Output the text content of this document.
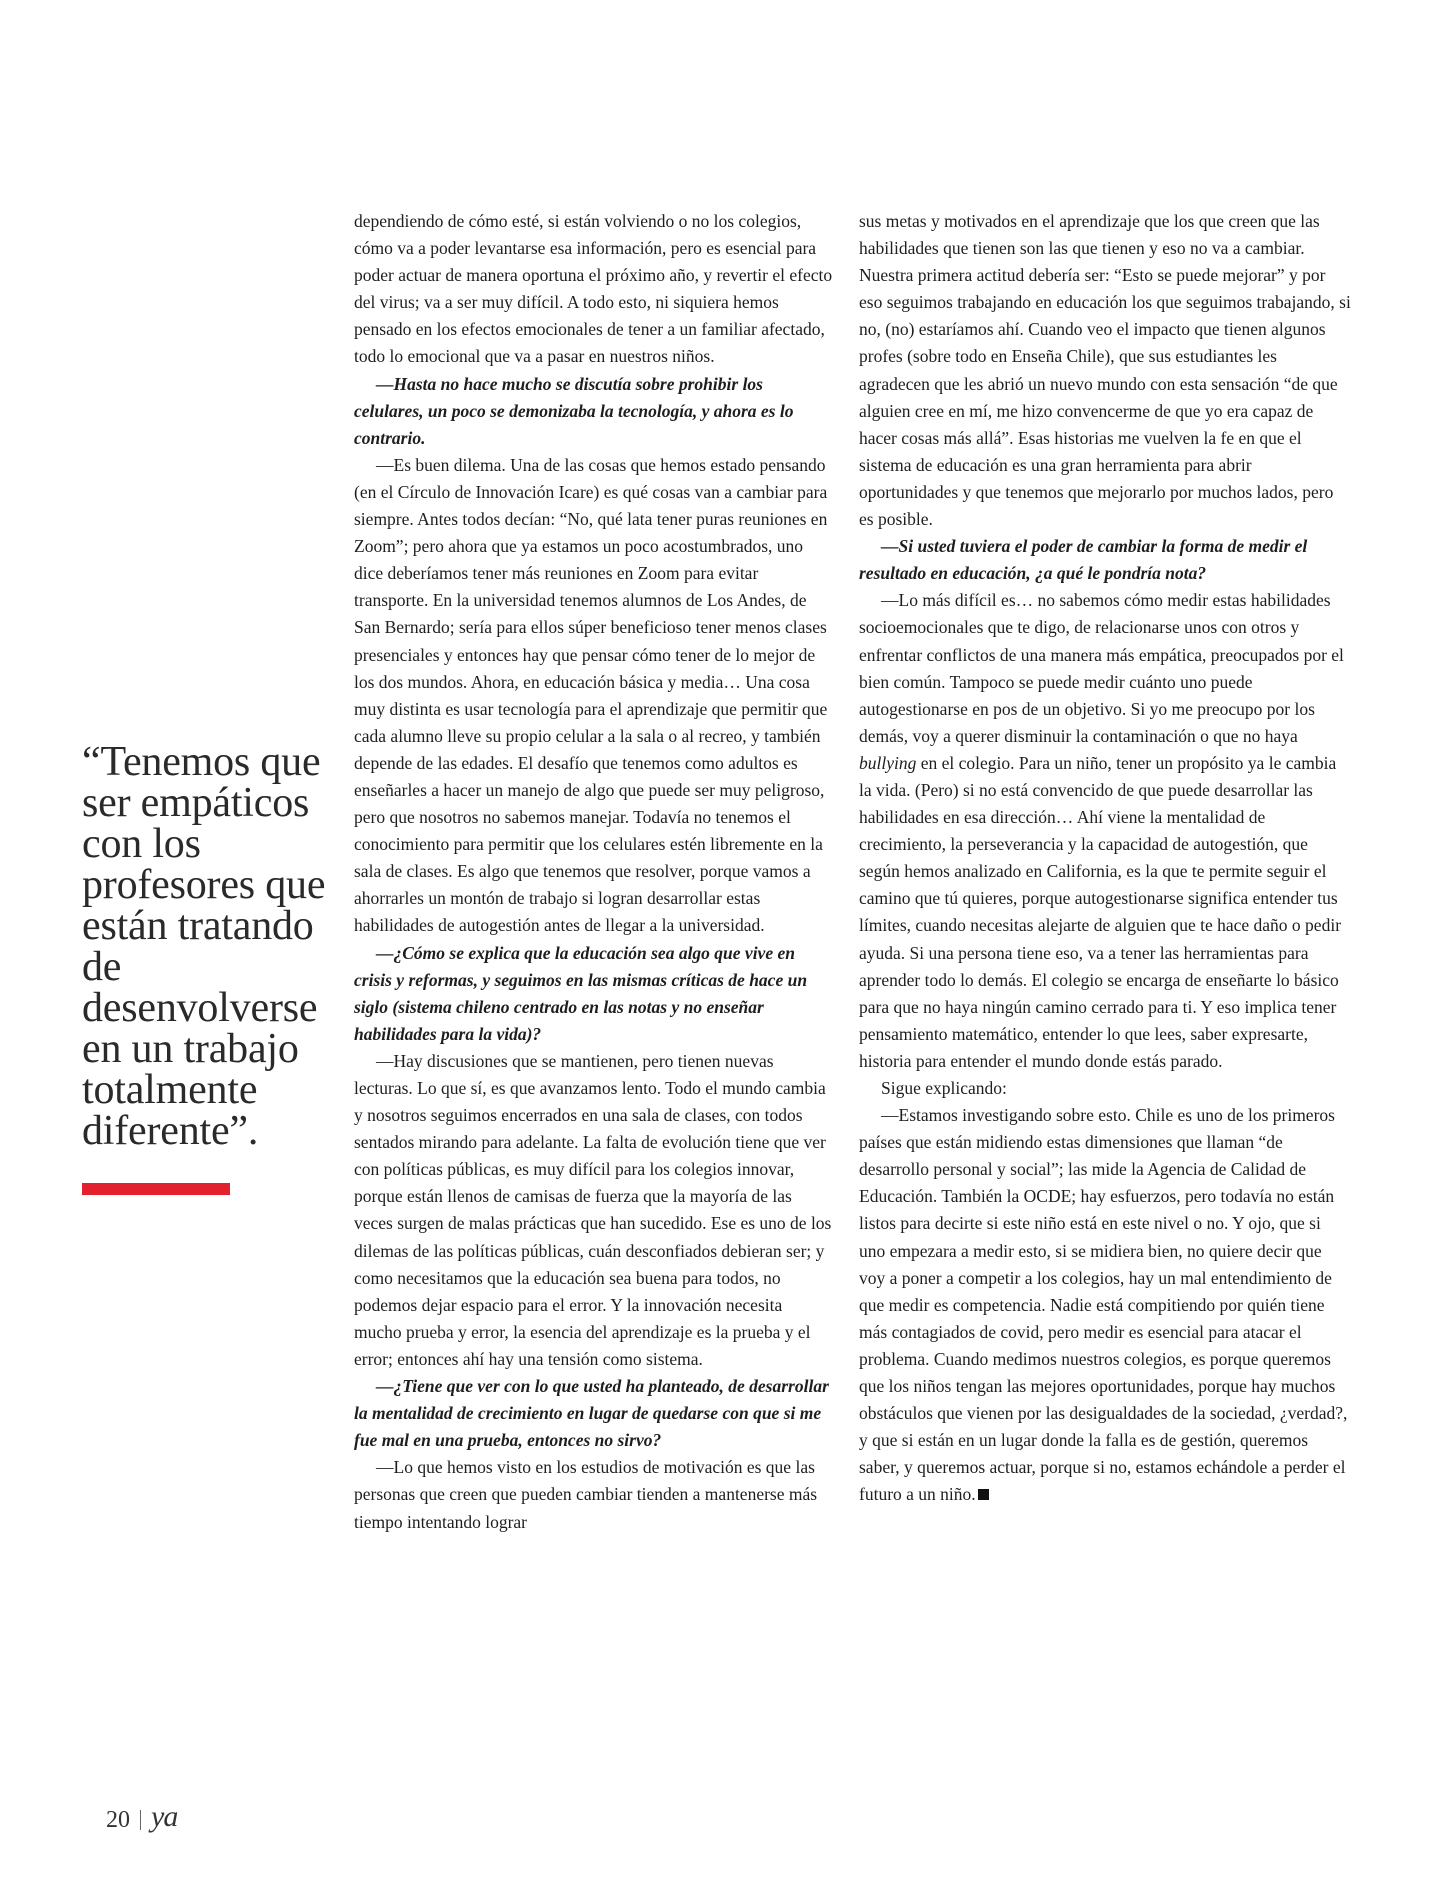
“Tenemos que ser empáticos con los profesores que están tratando de desenvolverse en un trabajo totalmente diferente”.

dependiendo de cómo esté, si están volviendo o no los colegios, cómo va a poder levantarse esa información, pero es esencial para poder actuar de manera oportuna el próximo año, y revertir el efecto del virus; va a ser muy difícil. A todo esto, ni siquiera hemos pensado en los efectos emocionales de tener a un familiar afectado, todo lo emocional que va a pasar en nuestros niños.

—Hasta no hace mucho se discutía sobre prohibir los celulares, un poco se demonizaba la tecnología, y ahora es lo contrario.

—Es buen dilema. Una de las cosas que hemos estado pensando (en el Círculo de Innovación Icare) es qué cosas van a cambiar para siempre. Antes todos decían: “No, qué lata tener puras reuniones en Zoom”; pero ahora que ya estamos un poco acostumbrados, uno dice deberíamos tener más reuniones en Zoom para evitar transporte. En la universidad tenemos alumnos de Los Andes, de San Bernardo; sería para ellos súper beneficioso tener menos clases presenciales y entonces hay que pensar cómo tener de lo mejor de los dos mundos. Ahora, en educación básica y media… Una cosa muy distinta es usar tecnología para el aprendizaje que permitir que cada alumno lleve su propio celular a la sala o al recreo, y también depende de las edades. El desafío que tenemos como adultos es enseñarles a hacer un manejo de algo que puede ser muy peligroso, pero que nosotros no sabemos manejar. Todavía no tenemos el conocimiento para permitir que los celulares estén libremente en la sala de clases. Es algo que tenemos que resolver, porque vamos a ahorrarles un montón de trabajo si logran desarrollar estas habilidades de autogestión antes de llegar a la universidad.

—¿Cómo se explica que la educación sea algo que vive en crisis y reformas, y seguimos en las mismas críticas de hace un siglo (sistema chileno centrado en las notas y no enseñar habilidades para la vida)?

—Hay discusiones que se mantienen, pero tienen nuevas lecturas. Lo que sí, es que avanzamos lento. Todo el mundo cambia y nosotros seguimos encerrados en una sala de clases, con todos sentados mirando para adelante. La falta de evolución tiene que ver con políticas públicas, es muy difícil para los colegios innovar, porque están llenos de camisas de fuerza que la mayoría de las veces surgen de malas prácticas que han sucedido. Ese es uno de los dilemas de las políticas públicas, cuán desconfiados debieran ser; y como necesitamos que la educación sea buena para todos, no podemos dejar espacio para el error. Y la innovación necesita mucho prueba y error, la esencia del aprendizaje es la prueba y el error; entonces ahí hay una tensión como sistema.

—¿Tiene que ver con lo que usted ha planteado, de desarrollar la mentalidad de crecimiento en lugar de quedarse con que si me fue mal en una prueba, entonces no sirvo?

—Lo que hemos visto en los estudios de motivación es que las personas que creen que pueden cambiar tienden a mantenerse más tiempo intentando lograr

sus metas y motivados en el aprendizaje que los que creen que las habilidades que tienen son las que tienen y eso no va a cambiar. Nuestra primera actitud debería ser: “Esto se puede mejorar” y por eso seguimos trabajando en educación los que seguimos trabajando, si no, (no) estaríamos ahí. Cuando veo el impacto que tienen algunos profes (sobre todo en Enseña Chile), que sus estudiantes les agradecen que les abrió un nuevo mundo con esta sensación “de que alguien cree en mí, me hizo convencerme de que yo era capaz de hacer cosas más allá”. Esas historias me vuelven la fe en que el sistema de educación es una gran herramienta para abrir oportunidades y que tenemos que mejorarlo por muchos lados, pero es posible.

—Si usted tuviera el poder de cambiar la forma de medir el resultado en educación, ¿a qué le pondría nota?

—Lo más difícil es… no sabemos cómo medir estas habilidades socioemocionales que te digo, de relacionarse unos con otros y enfrentar conflictos de una manera más empática, preocupados por el bien común. Tampoco se puede medir cuánto uno puede autogestionarse en pos de un objetivo. Si yo me preocupo por los demás, voy a querer disminuir la contaminación o que no haya bullying en el colegio. Para un niño, tener un propósito ya le cambia la vida. (Pero) si no está convencido de que puede desarrollar las habilidades en esa dirección… Ahí viene la mentalidad de crecimiento, la perseverancia y la capacidad de autogestión, que según hemos analizado en California, es la que te permite seguir el camino que tú quieres, porque autogestionarse significa entender tus límites, cuando necesitas alejarte de alguien que te hace daño o pedir ayuda. Si una persona tiene eso, va a tener las herramientas para aprender todo lo demás. El colegio se encarga de enseñarte lo básico para que no haya ningún camino cerrado para ti. Y eso implica tener pensamiento matemático, entender lo que lees, saber expresarte, historia para entender el mundo donde estás parado.

Sigue explicando:

—Estamos investigando sobre esto. Chile es uno de los primeros países que están midiendo estas dimensiones que llaman “de desarrollo personal y social”; las mide la Agencia de Calidad de Educación. También la OCDE; hay esfuerzos, pero todavía no están listos para decirte si este niño está en este nivel o no. Y ojo, que si uno empezara a medir esto, si se midiera bien, no quiere decir que voy a poner a competir a los colegios, hay un mal entendimiento de que medir es competencia. Nadie está compitiendo por quién tiene más contagiados de covid, pero medir es esencial para atacar el problema. Cuando medimos nuestros colegios, es porque queremos que los niños tengan las mejores oportunidades, porque hay muchos obstáculos que vienen por las desigualdades de la sociedad, ¿verdad?, y que si están en un lugar donde la falla es de gestión, queremos saber, y queremos actuar, porque si no, estamos echándole a perder el futuro a un niño.

20 ya
